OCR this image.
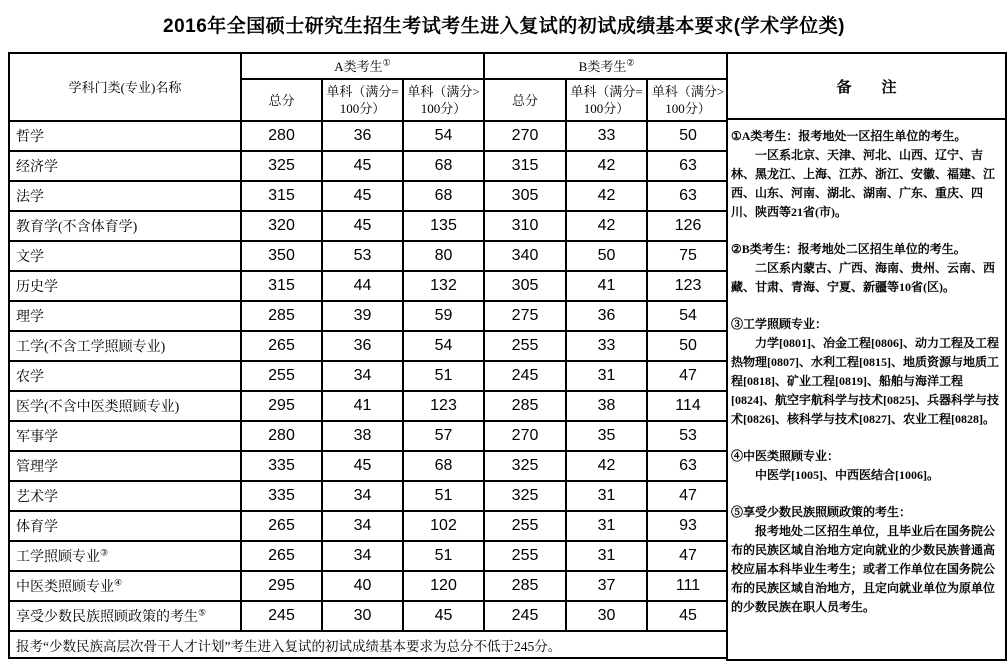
2016年全国硕士研究生招生考试考生进入复试的初试成绩基本要求(学术学位类)
学科门类(专业)名称	A类考生①			B类考生②
	总分	单科（满分=100分）	单科（满分>100分）	总分	单科（满分=100分）	单科（满分>100分）
哲学	280	36	54	270	33	50
经济学	325	45	68	315	42	63
法学	315	45	68	305	42	63
教育学(不含体育学)	320	45	135	310	42	126
文学	350	53	80	340	50	75
历史学	315	44	132	305	41	123
理学	285	39	59	275	36	54
工学(不含工学照顾专业)	265	36	54	255	33	50
农学	255	34	51	245	31	47
医学(不含中医类照顾专业)	295	41	123	285	38	114
军事学	280	38	57	270	35	53
管理学	335	45	68	325	42	63
艺术学	335	34	51	325	31	47
体育学	265	34	102	255	31	93
工学照顾专业③	265	34	51	255	31	47
中医类照顾专业④	295	40	120	285	37	111
享受少数民族照顾政策的考生⑤	245	30	45	245	30	45
报考“少数民族高层次骨干人才计划”考生进入复试的初试成绩基本要求为总分不低于245分。						
备　　注
①A类考生：报考地处一区招生单位的考生。
一区系北京、天津、河北、山西、辽宁、吉林、黑龙江、上海、江苏、浙江、安徽、福建、江西、山东、河南、湖北、湖南、广东、重庆、四川、陕西等21省(市)。
②B类考生：报考地处二区招生单位的考生。
二区系内蒙古、广西、海南、贵州、云南、西藏、甘肃、青海、宁夏、新疆等10省(区)。
③工学照顾专业：
力学[0801]、冶金工程[0806]、动力工程及工程热物理[0807]、水利工程[0815]、地质资源与地质工程[0818]、矿业工程[0819]、船舶与海洋工程[0824]、航空宇航科学与技术[0825]、兵器科学与技术[0826]、核科学与技术[0827]、农业工程[0828]。
④中医类照顾专业：
中医学[1005]、中西医结合[1006]。
⑤享受少数民族照顾政策的考生：
报考地处二区招生单位，且毕业后在国务院公布的民族区域自治地方定向就业的少数民族普通高校应届本科毕业生考生；或者工作单位在国务院公布的民族区域自治地方，且定向就业单位为原单位的少数民族在职人员考生。
